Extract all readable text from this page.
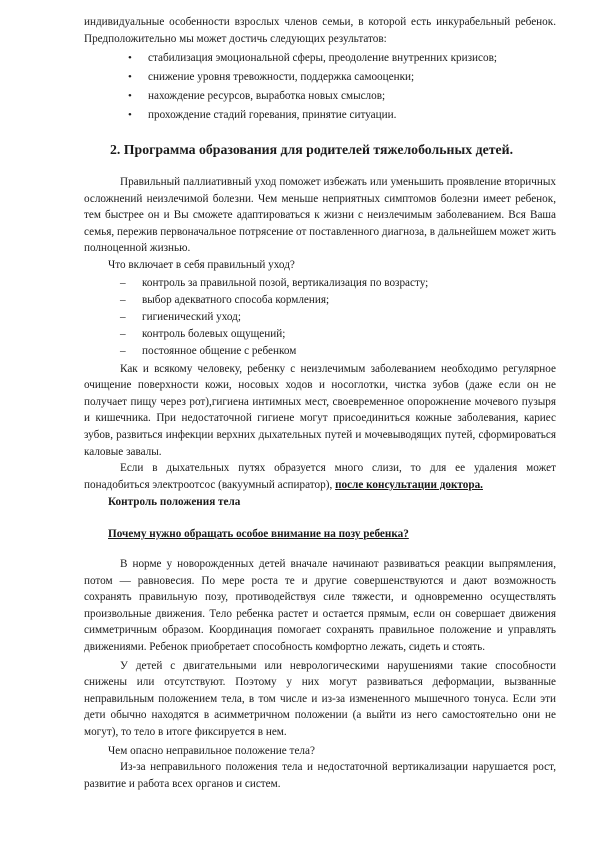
индивидуальные особенности взрослых членов семьи, в которой есть инкурабельный ребенок. Предположительно мы может достичь следующих результатов:

• стабилизация эмоциональной сферы, преодоление внутренних кризисов;
• снижение уровня тревожности, поддержка самооценки;
• нахождение ресурсов, выработка новых смыслов;
• прохождение стадий горевания, принятие ситуации.
2. Программа образования для родителей тяжелобольных детей.

Правильный паллиативный уход поможет избежать или уменьшить проявление вторичных осложнений неизлечимой болезни. Чем меньше неприятных симптомов болезни имеет ребенок, тем быстрее он и Вы сможете адаптироваться к жизни с неизлечимым заболеванием. Вся Ваша семья, пережив первоначальное потрясение от поставленного диагноза, в дальнейшем может жить полноценной жизнью.

Что включает в себя правильный уход?

– контроль за правильной позой, вертикализация по возрасту;
– выбор адекватного способа кормления;
– гигиенический уход;
– контроль болевых ощущений;
– постоянное общение с ребенком

Как и всякому человеку, ребенку с неизлечимым заболеванием необходимо регулярное очищение поверхности кожи, носовых ходов и носоглотки, чистка зубов (даже если он не получает пищу через рот),гигиена интимных мест, своевременное опорожнение мочевого пузыря и кишечника. При недостаточной гигиене могут присоединиться кожные заболевания, кариес зубов, развиться инфекции верхних дыхательных путей и мочевыводящих путей, сформироваться каловые завалы.

Если в дыхательных путях образуется много слизи, то для ее удаления может понадобиться электроотсос (вакуумный аспиратор), после консультации доктора.

Контроль положения тела
Почему нужно обращать особое внимание на позу ребенка?

В норме у новорожденных детей вначале начинают развиваться реакции выпрямления, потом — равновесия. По мере роста те и другие совершенствуются и дают возможность сохранять правильную позу, противодействуя силе тяжести, и одновременно осуществлять произвольные движения. Тело ребенка растет и остается прямым, если он совершает движения симметричным образом. Координация помогает сохранять правильное положение и управлять движениями. Ребенок приобретает способность комфортно лежать, сидеть и стоять.

У детей с двигательными или неврологическими нарушениями такие способности снижены или отсутствуют. Поэтому у них могут развиваться деформации, вызванные неправильным положением тела, в том числе и из-за измененного мышечного тонуса. Если эти дети обычно находятся в асимметричном положении (а выйти из него самостоятельно они не могут), то тело в итоге фиксируется в нем.

Чем опасно неправильное положение тела?

Из-за неправильного положения тела и недостаточной вертикализации нарушается рост, развитие и работа всех органов и систем.
